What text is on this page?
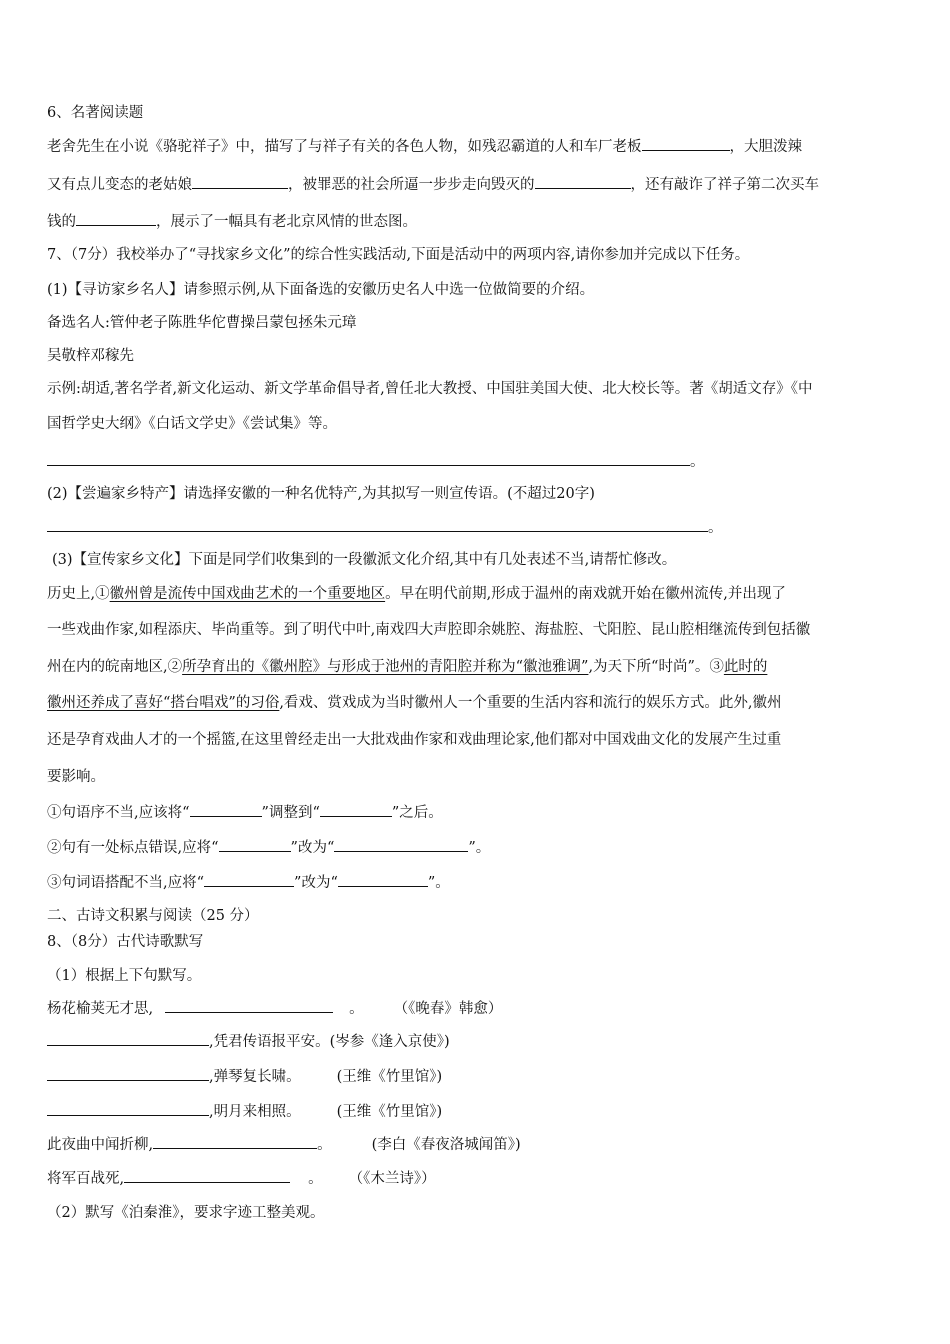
6、名著阅读题
老舍先生在小说《骆驼祥子》中，描写了与祥子有关的各色人物，如残忍霸道的人和车厂老板	，大胆泼辣
又有点儿变态的老姑娘	，被罪恶的社会所逼一步步走向毁灭的	，还有敲诈了祥子第二次买车
钱的	，展示了一幅具有老北京风情的世态图。
7、（7分）我校举办了“寻找家乡文化”的综合性实践活动,下面是活动中的两项内容,请你参加并完成以下任务。
(1)【寻访家乡名人】请参照示例,从下面备选的安徽历史名人中选一位做简要的介绍。
备选名人:管仲老子陈胜华佗曹操吕蒙包拯朱元璋
吴敬梓邓稼先
示例:胡适,著名学者,新文化运动、新文学革命倡导者,曾任北大教授、中国驻美国大使、北大校长等。著《胡适文存》《中
国哲学史大纲》《白话文学史》《尝试集》等。
。
(2)【尝遍家乡特产】请选择安徽的一种名优特产,为其拟写一则宣传语。(不超过20字)
。
(3)【宣传家乡文化】下面是同学们收集到的一段徽派文化介绍,其中有几处表述不当,请帮忙修改。
历史上,①徽州曾是流传中国戏曲艺术的一个重要地区。早在明代前期,形成于温州的南戏就开始在徽州流传,并出现了
一些戏曲作家,如程添庆、毕尚重等。到了明代中叶,南戏四大声腔即余姚腔、海盐腔、弋阳腔、昆山腔相继流传到包括徽
州在内的皖南地区,②所孕育出的《徽州腔》与形成于池州的青阳腔并称为“徽池雅调”,为天下所“时尚”。③此时的
徽州还养成了喜好“搭台唱戏”的习俗,看戏、赏戏成为当时徽州人一个重要的生活内容和流行的娱乐方式。此外,徽州
还是孕育戏曲人才的一个摇篮,在这里曾经走出一大批戏曲作家和戏曲理论家,他们都对中国戏曲文化的发展产生过重
要影响。
①句语序不当,应该将“	”调整到“	”之后。
②句有一处标点错误,应将“	”改为“	”。
③句词语搭配不当,应将“	”改为“	”。
二、古诗文积累与阅读（25 分）
8、（8分）古代诗歌默写
（1）根据上下句默写。
杨花榆荚无才思,	。 （《晚春》韩愈）
,凭君传语报平安。(岑参《逢入京使》)
,弹琴复长啸。 (王维《竹里馆》)
,明月来相照。 (王维《竹里馆》)
此夜曲中闻折柳,	。	(李白《春夜洛城闻笛》)
将军百战死,	。 （《木兰诗》）
（2）默写《泊秦淮》，要求字迹工整美观。
